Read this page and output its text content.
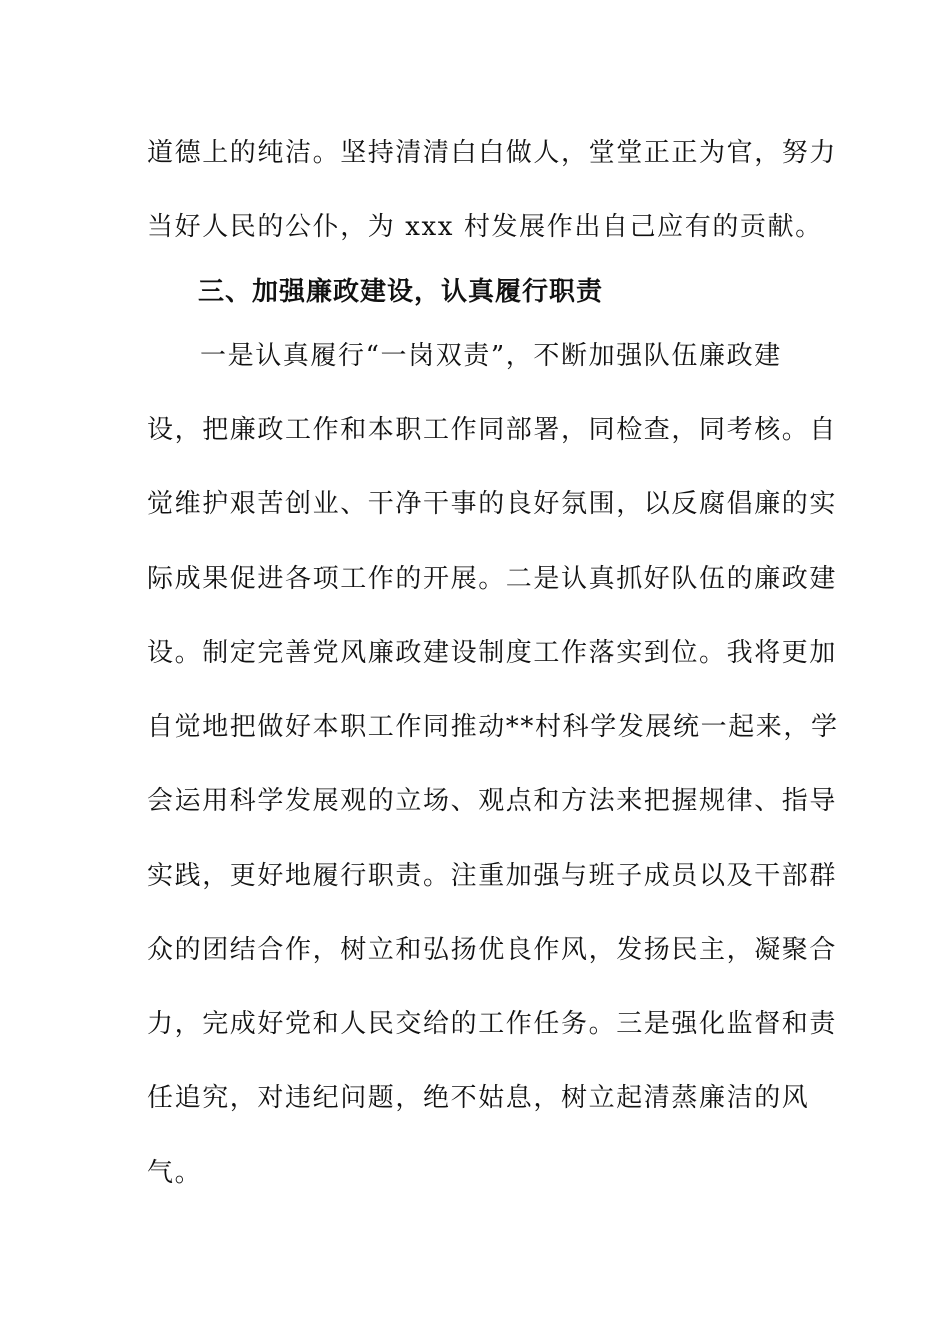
道德上的纯洁。坚持清清白白做人，堂堂正正为官，努力
当好人民的公仆，为 xxx 村发展作出自己应有的贡献。
三、加强廉政建设，认真履行职责
一是认真履行“一岗双责”，不断加强队伍廉政建
设，把廉政工作和本职工作同部署，同检查，同考核。自
觉维护艰苦创业、干净干事的良好氛围，以反腐倡廉的实
际成果促进各项工作的开展。二是认真抓好队伍的廉政建
设。制定完善党风廉政建设制度工作落实到位。我将更加
自觉地把做好本职工作同推动**村科学发展统一起来，学
会运用科学发展观的立场、观点和方法来把握规律、指导
实践，更好地履行职责。注重加强与班子成员以及干部群
众的团结合作，树立和弘扬优良作风，发扬民主，凝聚合
力，完成好党和人民交给的工作任务。三是强化监督和责
任追究，对违纪问题，绝不姑息，树立起清蒸廉洁的风
气。
